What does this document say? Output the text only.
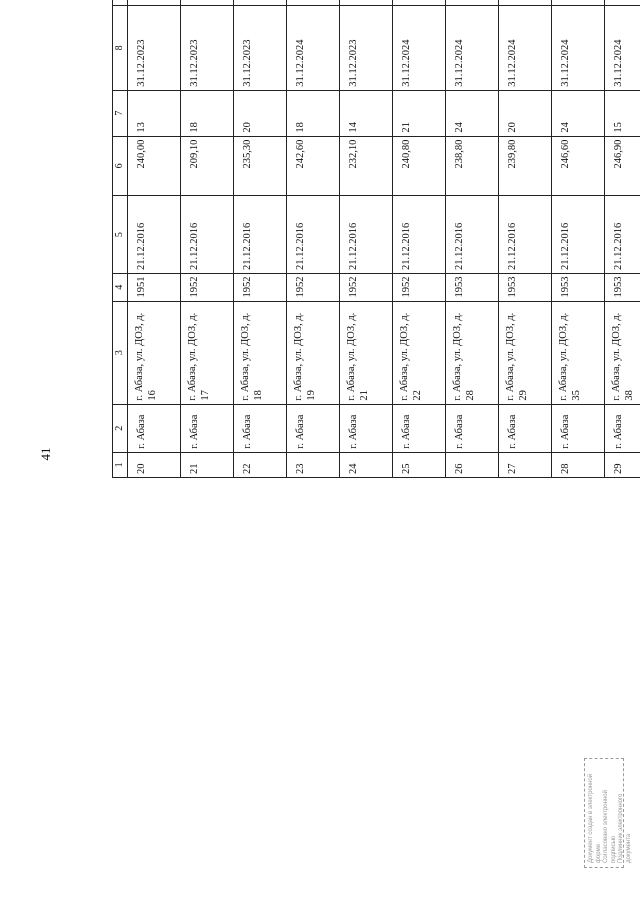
41
1	2	3	4	5	6	7	8				
20	г. Абаза	г. Абаза, ул. ДОЗ, д. 16	1951	21.12.2016	240,00	13	31.12.2023				
21	г. Абаза	г. Абаза, ул. ДОЗ, д. 17	1952	21.12.2016	209,10	18	31.12.2023				
22	г. Абаза	г. Абаза, ул. ДОЗ, д. 18	1952	21.12.2016	235,30	20	31.12.2023				
23	г. Абаза	г. Абаза, ул. ДОЗ, д. 19	1952	21.12.2016	242,60	18	31.12.2024				
24	г. Абаза	г. Абаза, ул. ДОЗ, д. 21	1952	21.12.2016	232,10	14	31.12.2023				
25	г. Абаза	г. Абаза, ул. ДОЗ, д. 22	1952	21.12.2016	240,80	21	31.12.2024				
26	г. Абаза	г. Абаза, ул. ДОЗ, д. 28	1953	21.12.2016	238,80	24	31.12.2024				
27	г. Абаза	г. Абаза, ул. ДОЗ, д. 29	1953	21.12.2016	239,80	20	31.12.2024				
28	г. Абаза	г. Абаза, ул. ДОЗ, д. 35	1953	21.12.2016	246,60	24	31.12.2024				
29	г. Абаза	г. Абаза, ул. ДОЗ, д. 38	1953	21.12.2016	246,90	15	31.12.2024				
Документ создан в электронной форме Согласовано электронной подписью Подлинник электронного документа
